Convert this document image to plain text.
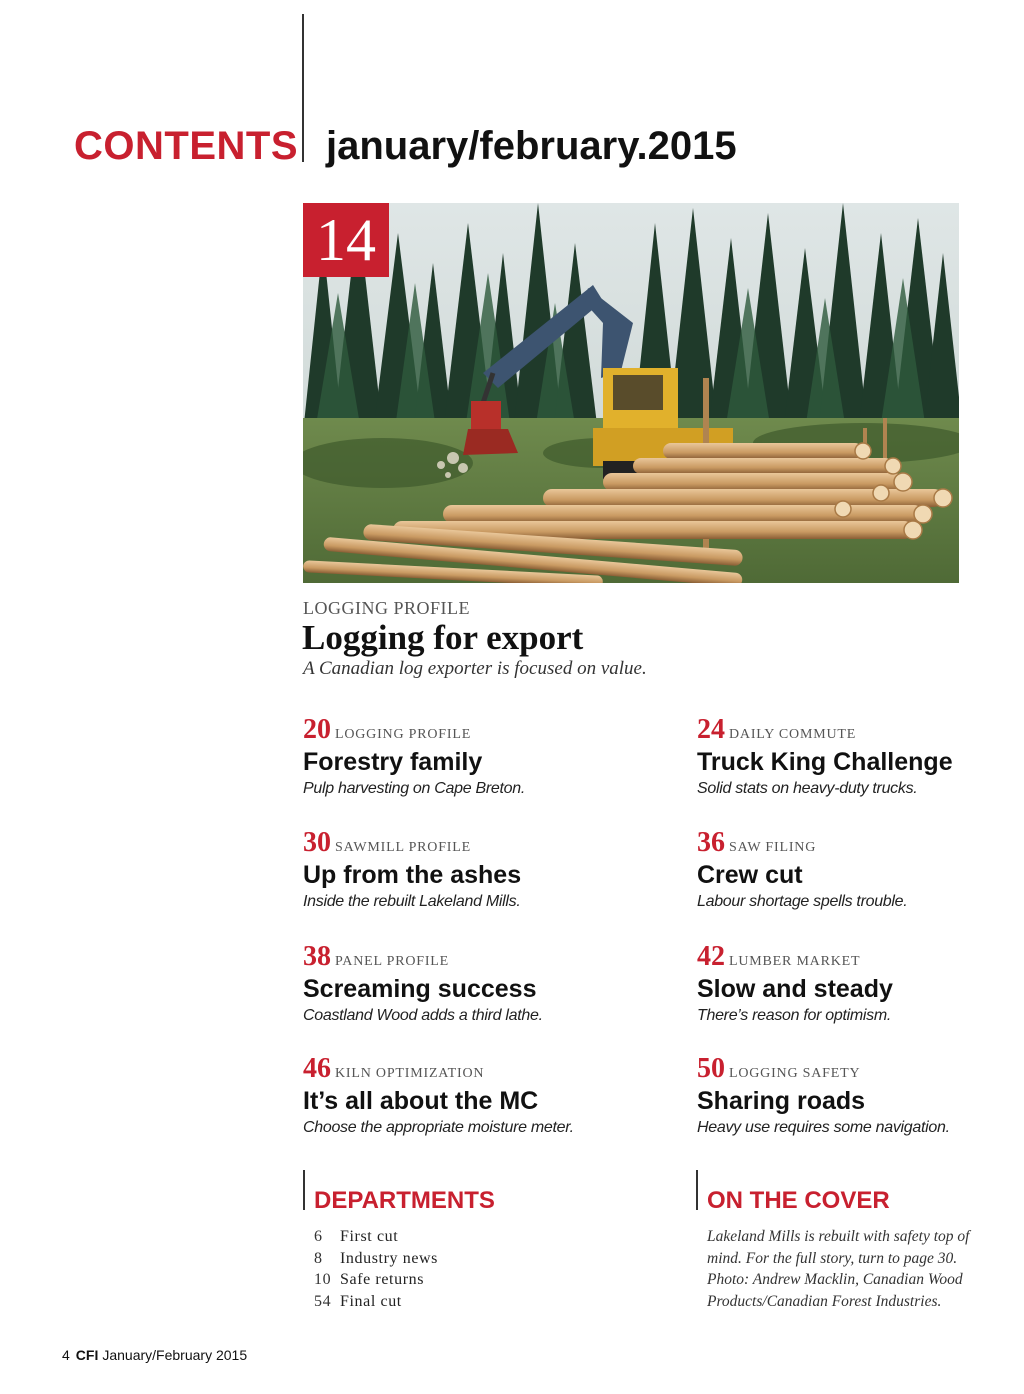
CONTENTS january/february.2015
14
LOGGING PROFILE
Logging for export
A Canadian log exporter is focused on value.
20 LOGGING PROFILE
Forestry family
Pulp harvesting on Cape Breton.
24 DAILY COMMUTE
Truck King Challenge
Solid stats on heavy-duty trucks.
30 SAWMILL PROFILE
Up from the ashes
Inside the rebuilt Lakeland Mills.
36 SAW FILING
Crew cut
Labour shortage spells trouble.
38 PANEL PROFILE
Screaming success
Coastland Wood adds a third lathe.
42 LUMBER MARKET
Slow and steady
There’s reason for optimism.
46 KILN OPTIMIZATION
It’s all about the MC
Choose the appropriate moisture meter.
50 LOGGING SAFETY
Sharing roads
Heavy use requires some navigation.
DEPARTMENTS
6 First cut
8 Industry news
10 Safe returns
54 Final cut
ON THE COVER
Lakeland Mills is rebuilt with safety top of mind. For the full story, turn to page 30. Photo: Andrew Macklin, Canadian Wood Products/Canadian Forest Industries.
4 CFI January/February 2015
